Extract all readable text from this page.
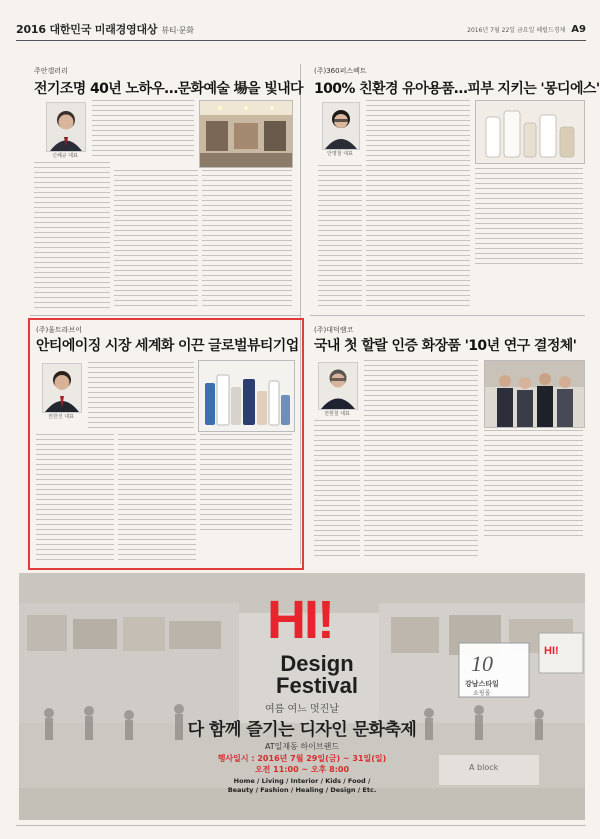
2016 대한민국 미래경영대상 뷰티·문화	2016년 7월 22일 금요일 헤럴드경제 A9
주안갤러리
전기조명 40년 노하우…문화예술 場을 빛내다
신혜규 대표
(주)360퍼스펙트
100% 친환경 유아용품…피부 지키는 '몽디에스'
안명철 대표
(주)울트라브이
안티에이징 시장 세계화 이끈 글로벌뷰티기업
권한진 대표
(주)대덕램코
국내 첫 할랄 인증 화장품 '10년 연구 결정체'
전현철 대표
10
강남스타일
쇼핑몰
HI!
A block
HI!
Design Festival
여름 여느 멋진날
다 함께 즐기는 디자인 문화축제
AT일재동 하이브랜드
행사일시 : 2016년 7월 29일(금) ~ 31일(일)
오전 11:00 ~ 오후 8:00
Home / Living / Interior / Kids / Food /
Beauty / Fashion / Healing / Design / Etc.
